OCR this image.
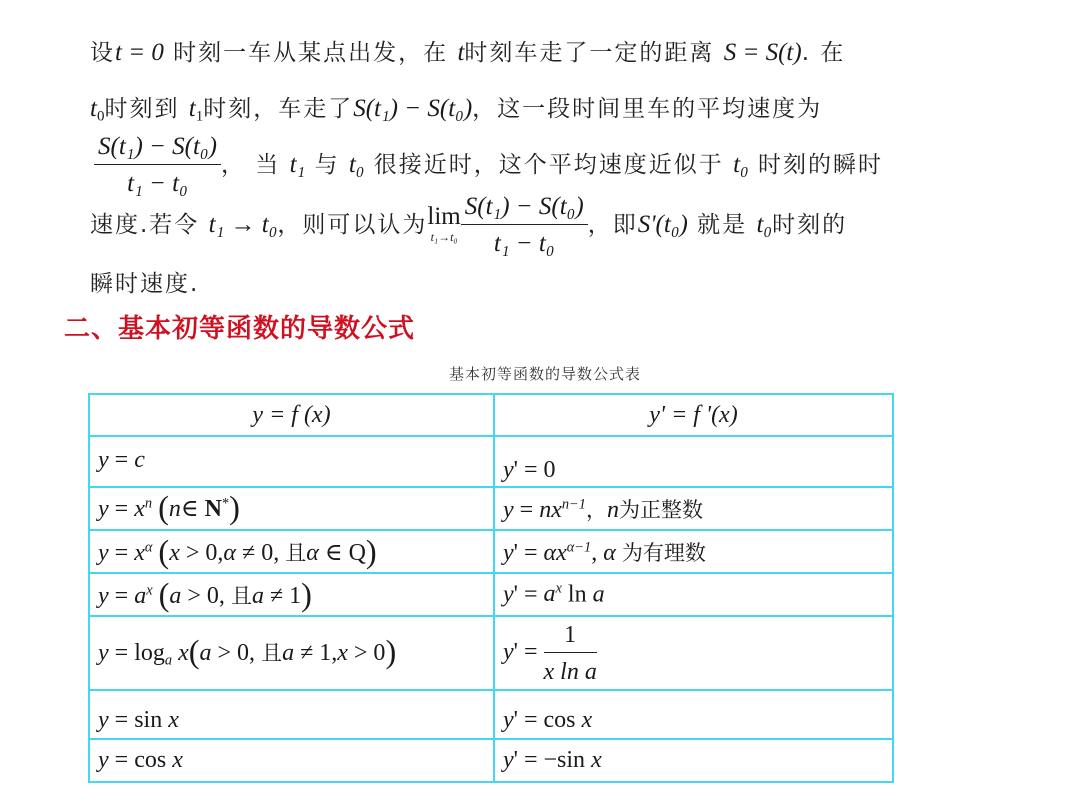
设t = 0 时刻一车从某点出发，在 t时刻车走了一定的距离 S = S(t). 在
$t_0$时刻到 $t_1$时刻，车走了S(t₁) − S(t₀)，这一段时间里车的平均速度为
$\frac{\text{S(t₁) − S(t₀)}}{\text{t₁ − t₀}}$ ， 当 t₁ 与 t₀ 很接近时，这个平均速度近似于 t₀ 时刻的瞬时
速度.若令 t₁ → t₀，则可以认为 lim
$t_1\to t_0 \frac{\text{S(t₁) − S(t₀)}}{\text{t₁ − t₀}}$ ，即S'(t₀) 就是 t₀时刻的
瞬时速度.
二、基本初等函数的导数公式
基本初等函数的导数公式表
y = f (x)	y' = f '(x)
y = c	y' = 0
$y = x^n$ (n∈ N*)	$y = nx^{n-1}$，n为正整数
$y = x^\alpha$ (x > 0,α ≠ 0, 且α ∈ Q)	$y' = \alpha x^{\alpha-1}$, α 为有理数
$y = a^x$ (a > 0, 且a ≠ 1)	$y' = a^x$ ln a
y = loga x(a > 0, 且a ≠ 1,x > 0)	$y' = \frac{1}{\text{x ln a}}$

y = sin x	y' = cos x
y = cos x	y' = −sin x
